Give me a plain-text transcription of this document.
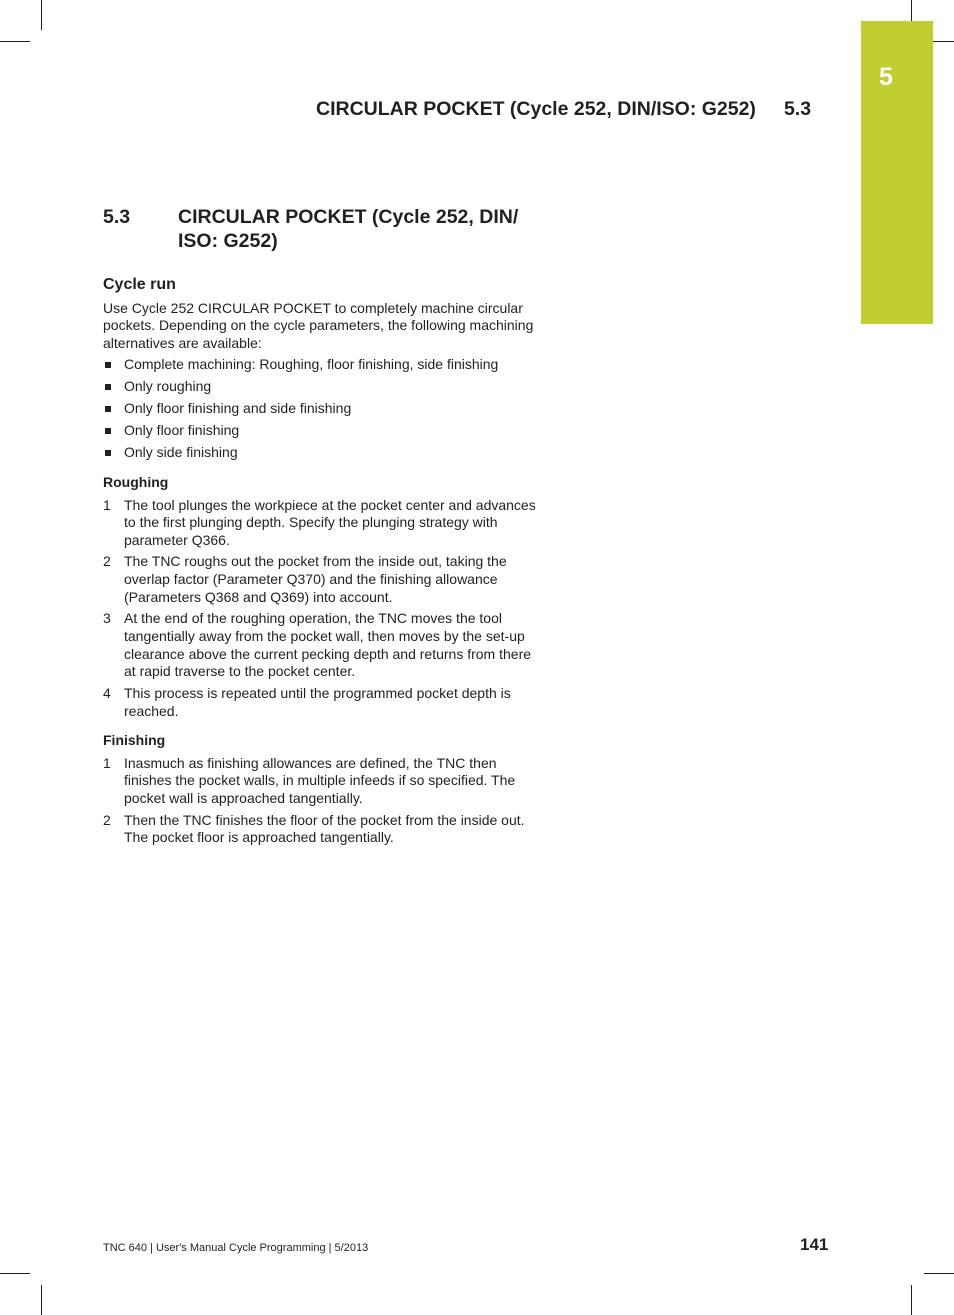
5
CIRCULAR POCKET (Cycle 252, DIN/ISO: G252) 5.3
5.3 CIRCULAR POCKET (Cycle 252, DIN/ ISO: G252)
Cycle run

Use Cycle 252 CIRCULAR POCKET to completely machine circular pockets. Depending on the cycle parameters, the following machining alternatives are available:

Complete machining: Roughing, floor finishing, side finishing
Only roughing
Only floor finishing and side finishing
Only floor finishing
Only side finishing
Roughing
1 The tool plunges the workpiece at the pocket center and advances to the first plunging depth. Specify the plunging strategy with parameter Q366.
2 The TNC roughs out the pocket from the inside out, taking the overlap factor (Parameter Q370) and the finishing allowance (Parameters Q368 and Q369) into account.
3 At the end of the roughing operation, the TNC moves the tool tangentially away from the pocket wall, then moves by the set-up clearance above the current pecking depth and returns from there at rapid traverse to the pocket center.
4 This process is repeated until the programmed pocket depth is reached.
Finishing
1 Inasmuch as finishing allowances are defined, the TNC then finishes the pocket walls, in multiple infeeds if so specified. The pocket wall is approached tangentially.
2 Then the TNC finishes the floor of the pocket from the inside out. The pocket floor is approached tangentially.
TNC 640 | User's Manual Cycle Programming | 5/2013	141
